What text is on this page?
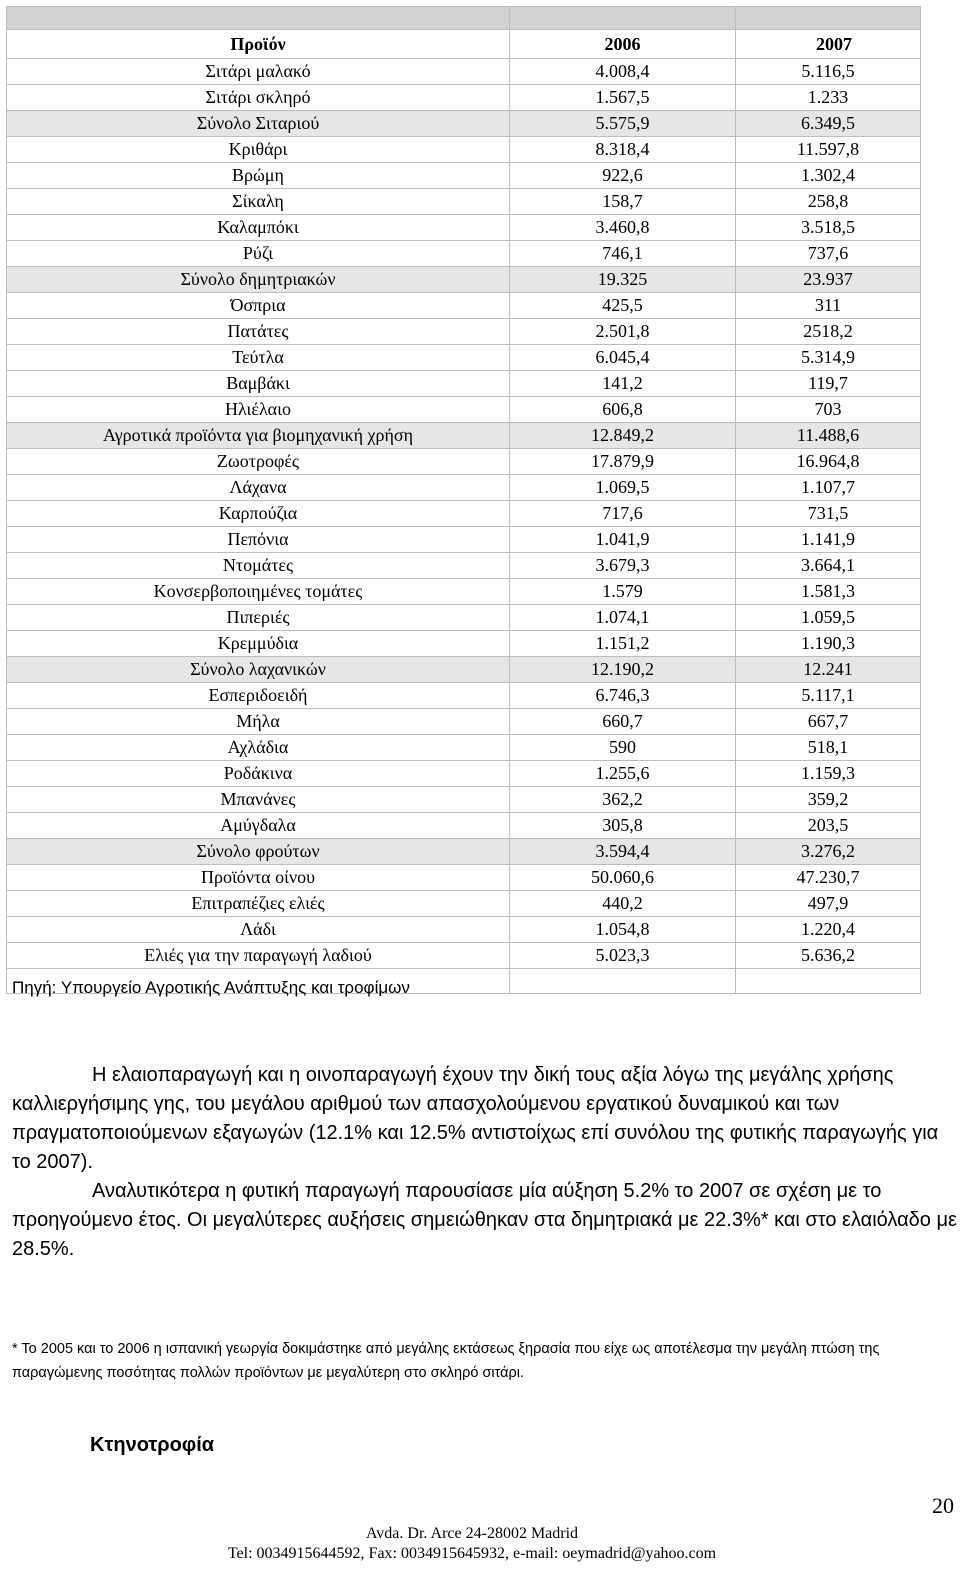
Προϊόν	2006	2007
Σιτάρι μαλακό	4.008,4	5.116,5
Σιτάρι σκληρό	1.567,5	1.233
Σύνολο Σιταριού	5.575,9	6.349,5
Κριθάρι	8.318,4	11.597,8
Βρώμη	922,6	1.302,4
Σίκαλη	158,7	258,8
Καλαμπόκι	3.460,8	3.518,5
Ρύζι	746,1	737,6
Σύνολο δημητριακών	19.325	23.937
Όσπρια	425,5	311
Πατάτες	2.501,8	2518,2
Τεύτλα	6.045,4	5.314,9
Βαμβάκι	141,2	119,7
Ηλιέλαιο	606,8	703
Αγροτικά προϊόντα για βιομηχανική χρήση	12.849,2	11.488,6
Ζωοτροφές	17.879,9	16.964,8
Λάχανα	1.069,5	1.107,7
Καρπούζια	717,6	731,5
Πεπόνια	1.041,9	1.141,9
Ντομάτες	3.679,3	3.664,1
Κονσερβοποιημένες τομάτες	1.579	1.581,3
Πιπεριές	1.074,1	1.059,5
Κρεμμύδια	1.151,2	1.190,3
Σύνολο λαχανικών	12.190,2	12.241
Εσπεριδοειδή	6.746,3	5.117,1
Μήλα	660,7	667,7
Αχλάδια	590	518,1
Ροδάκινα	1.255,6	1.159,3
Μπανάνες	362,2	359,2
Αμύγδαλα	305,8	203,5
Σύνολο φρούτων	3.594,4	3.276,2
Προϊόντα οίνου	50.060,6	47.230,7
Επιτραπέζιες ελιές	440,2	497,9
Λάδι	1.054,8	1.220,4
Ελιές για την παραγωγή λαδιού	5.023,3	5.636,2

Πηγή: Υπουργείο Αγροτικής Ανάπτυξης και τροφίμων

Η ελαιοπαραγωγή και η οινοπαραγωγή έχουν την δική τους αξία λόγω της μεγάλης χρήσης καλλιεργήσιμης γης, του μεγάλου αριθμού των απασχολούμενου εργατικού δυναμικού και των πραγματοποιούμενων εξαγωγών (12.1% και 12.5% αντιστοίχως επί συνόλου της φυτικής παραγωγής για το 2007).

Αναλυτικότερα η φυτική παραγωγή παρουσίασε μία αύξηση 5.2% το 2007 σε σχέση με το προηγούμενο έτος. Οι μεγαλύτερες αυξήσεις σημειώθηκαν στα δημητριακά με 22.3%* και στο ελαιόλαδο με 28.5%.

* Το 2005 και το 2006 η ισπανική γεωργία δοκιμάστηκε από μεγάλης εκτάσεως ξηρασία που είχε ως αποτέλεσμα την μεγάλη πτώση της παραγώμενης ποσότητας πολλών προϊόντων με μεγαλύτερη στο σκληρό σιτάρι.

Κτηνοτροφία
20
Avda. Dr. Arce 24-28002 Madrid
Tel: 0034915644592, Fax: 0034915645932, e-mail: oeymadrid@yahoo.com
